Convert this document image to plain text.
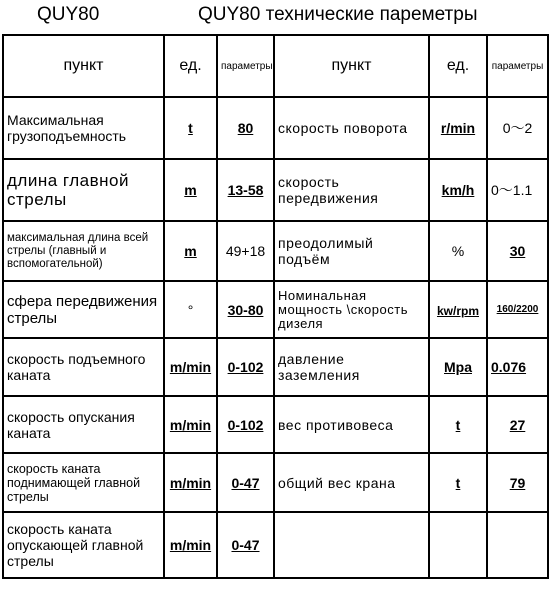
QUY80	QUY80 технические пареметры
пункт	ед.	параметры	пункт	ед.	параметры
Максимальная грузоподъемность	t	80	скорость поворота	r/min	0～2
длина главной стрелы	m	13-58	скорость передвижения	km/h	0～1.1
максимальная длина всей стрелы (главный и вспомогательной)	m	49+18	преодолимый подъём	%	30
сфера передвижения стрелы	°	30-80	Номинальная мощность \скорость дизеля	kw/rpm	160/2200
скорость подъемного каната	m/min	0-102	давление заземления	Mpa	0.076
скорость опускания каната	m/min	0-102	вес противовеса	t	27
скорость каната поднимающей главной стрелы	m/min	0-47	общий вес крана	t	79
скорость каната опускающей главной стрелы	m/min	0-47			
